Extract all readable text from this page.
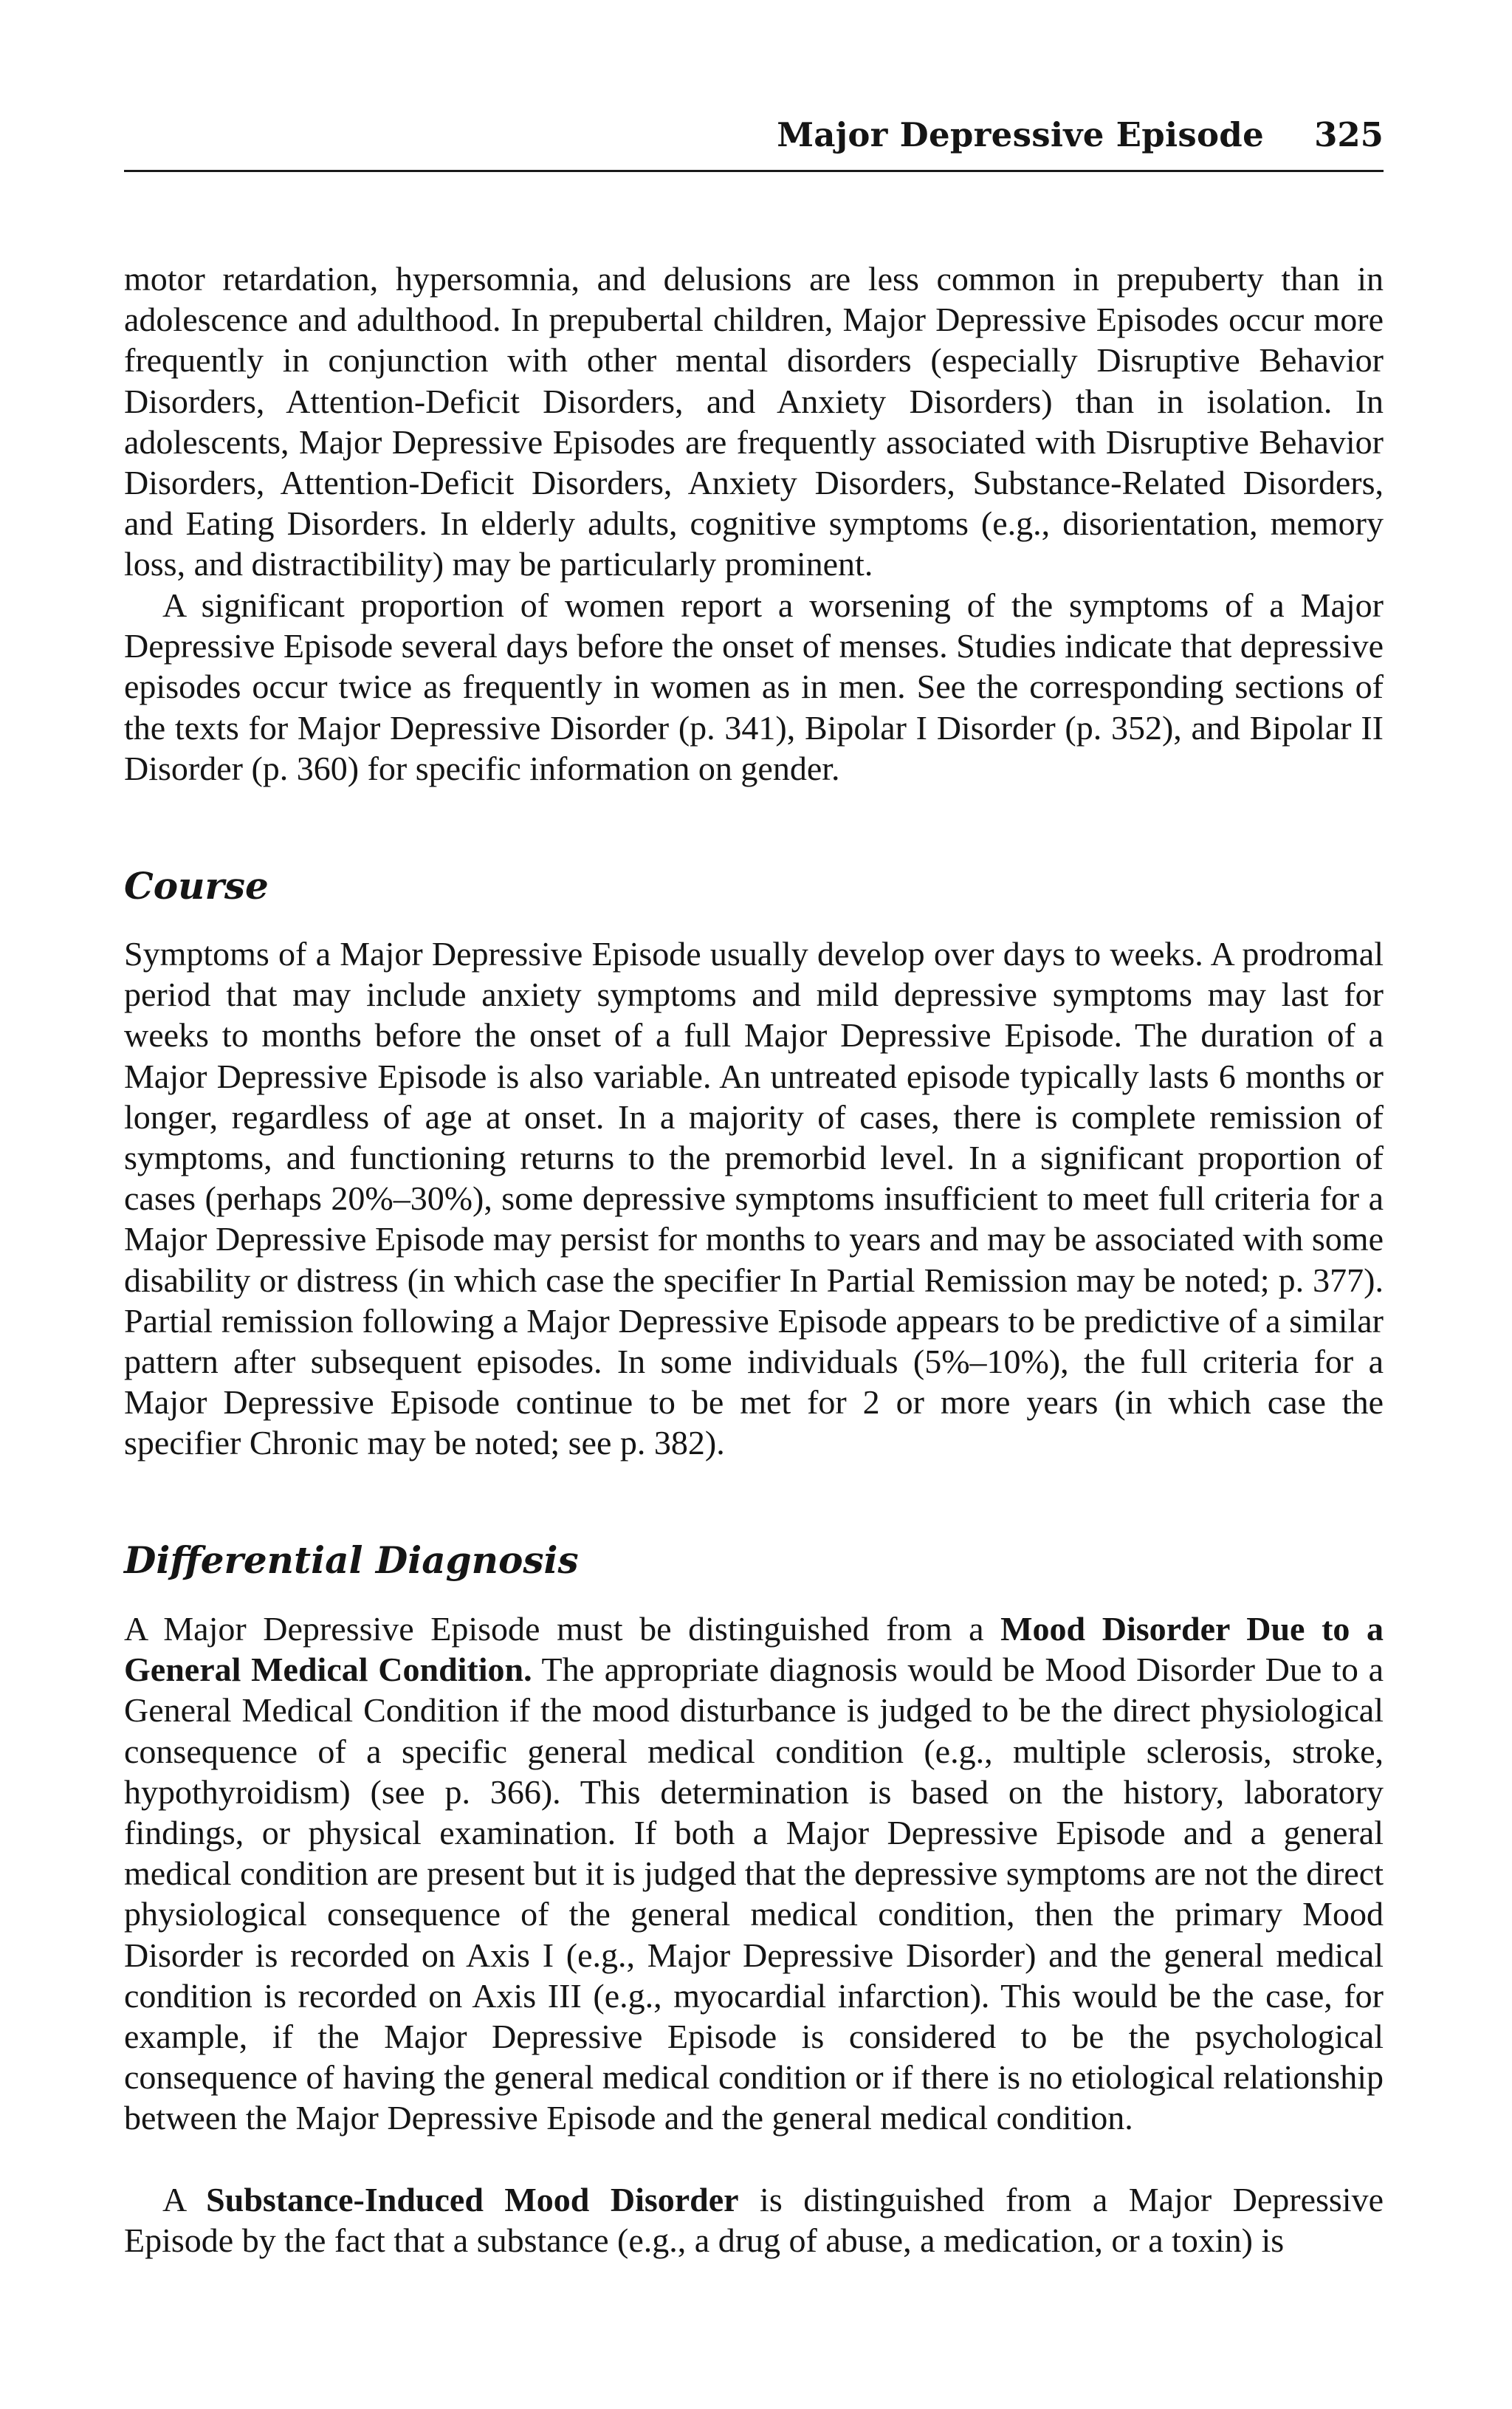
Major Depressive Episode 325

motor retardation, hypersomnia, and delusions are less common in prepuberty than in adolescence and adulthood. In prepubertal children, Major Depressive Episodes occur more frequently in conjunction with other mental disorders (especially Disruptive Behavior Disorders, Attention-Deficit Disorders, and Anxiety Disorders) than in isolation. In adolescents, Major Depressive Episodes are frequently associated with Disruptive Behavior Disorders, Attention-Deficit Disorders, Anxiety Disorders, Substance-Related Disorders, and Eating Disorders. In elderly adults, cognitive symptoms (e.g., disorientation, memory loss, and distractibility) may be particularly prominent.

A significant proportion of women report a worsening of the symptoms of a Major Depressive Episode several days before the onset of menses. Studies indicate that depressive episodes occur twice as frequently in women as in men. See the corresponding sections of the texts for Major Depressive Disorder (p. 341), Bipolar I Disorder (p. 352), and Bipolar II Disorder (p. 360) for specific information on gender.

Course

Symptoms of a Major Depressive Episode usually develop over days to weeks. A prodromal period that may include anxiety symptoms and mild depressive symptoms may last for weeks to months before the onset of a full Major Depressive Episode. The duration of a Major Depressive Episode is also variable. An untreated episode typically lasts 6 months or longer, regardless of age at onset. In a majority of cases, there is complete remission of symptoms, and functioning returns to the premorbid level. In a significant proportion of cases (perhaps 20%–30%), some depressive symptoms insufficient to meet full criteria for a Major Depressive Episode may persist for months to years and may be associated with some disability or distress (in which case the specifier In Partial Remission may be noted; p. 377). Partial remission following a Major Depressive Episode appears to be predictive of a similar pattern after subsequent episodes. In some individuals (5%–10%), the full criteria for a Major Depressive Episode continue to be met for 2 or more years (in which case the specifier Chronic may be noted; see p. 382).

Differential Diagnosis

A Major Depressive Episode must be distinguished from a Mood Disorder Due to a General Medical Condition. The appropriate diagnosis would be Mood Disorder Due to a General Medical Condition if the mood disturbance is judged to be the direct physiological consequence of a specific general medical condition (e.g., multiple sclerosis, stroke, hypothyroidism) (see p. 366). This determination is based on the history, laboratory findings, or physical examination. If both a Major Depressive Episode and a general medical condition are present but it is judged that the depressive symptoms are not the direct physiological consequence of the general medical condition, then the primary Mood Disorder is recorded on Axis I (e.g., Major Depressive Disorder) and the general medical condition is recorded on Axis III (e.g., myocardial infarction). This would be the case, for example, if the Major Depressive Episode is considered to be the psychological consequence of having the general medical condition or if there is no etiological relationship between the Major Depressive Episode and the general medical condition.

A Substance-Induced Mood Disorder is distinguished from a Major Depressive Episode by the fact that a substance (e.g., a drug of abuse, a medication, or a toxin) is
